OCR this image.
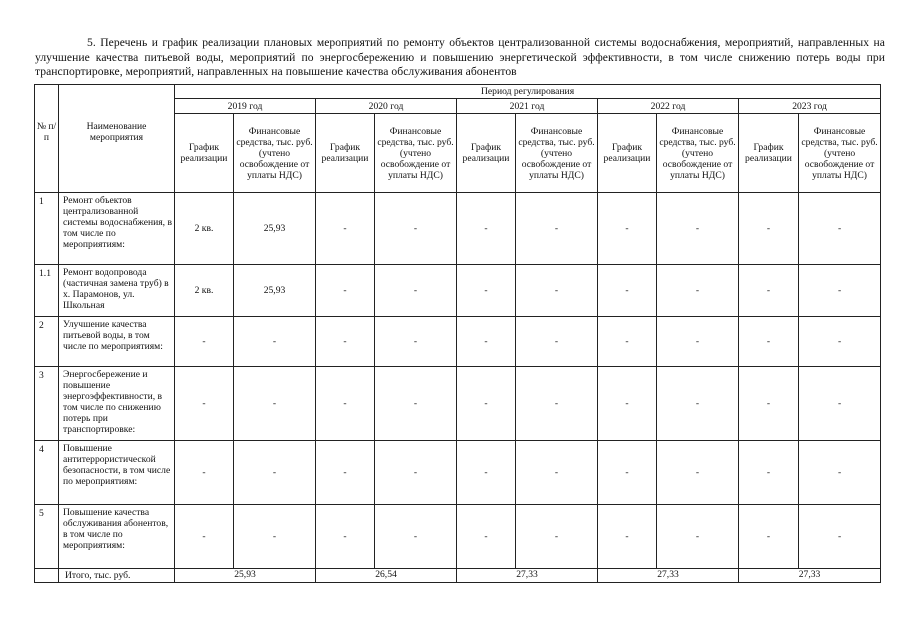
5. Перечень и график реализации плановых мероприятий по ремонту объектов централизованной системы водоснабжения, мероприятий, направленных на улучшение качества питьевой воды, мероприятий по энергосбережению и повышению энергетической эффективности, в том числе снижению потерь воды при транспортировке, мероприятий, направленных на повышение качества обслуживания абонентов
№ п/п	Наименование мероприятия	Период регулирования									
		2019 год		2020 год		2021 год		2022 год		2023 год	
		График реализации	Финансовые средства, тыс. руб. (учтено освобождение от уплаты НДС)	График реализации	Финансовые средства, тыс. руб. (учтено освобождение от уплаты НДС)	График реализации	Финансовые средства, тыс. руб. (учтено освобождение от уплаты НДС)	График реализации	Финансовые средства, тыс. руб. (учтено освобождение от уплаты НДС)	График реализации	Финансовые средства, тыс. руб. (учтено освобождение от уплаты НДС)
1	Ремонт объектов централизованной системы водоснабжения, в том числе по мероприятиям:	2 кв.	25,93	-	-	-	-	-	-	-	-
1.1	Ремонт водопровода (частичная замена труб) в х. Парамонов, ул. Школьная	2 кв.	25,93	-	-	-	-	-	-	-	-
2	Улучшение качества питьевой воды, в том числе по мероприятиям:	-	-	-	-	-	-	-	-	-	-
3	Энергосбережение и повышение энергоэффективности, в том числе по снижению потерь при транспортировке:	-	-	-	-	-	-	-	-	-	-
4	Повышение антитеррористической безопасности, в том числе по мероприятиям:	-	-	-	-	-	-	-	-	-	-
5	Повышение качества обслуживания абонентов, в том числе по мероприятиям:	-	-	-	-	-	-	-	-	-	-
	Итого, тыс. руб.	25,93		26,54		27,33		27,33		27,33	
